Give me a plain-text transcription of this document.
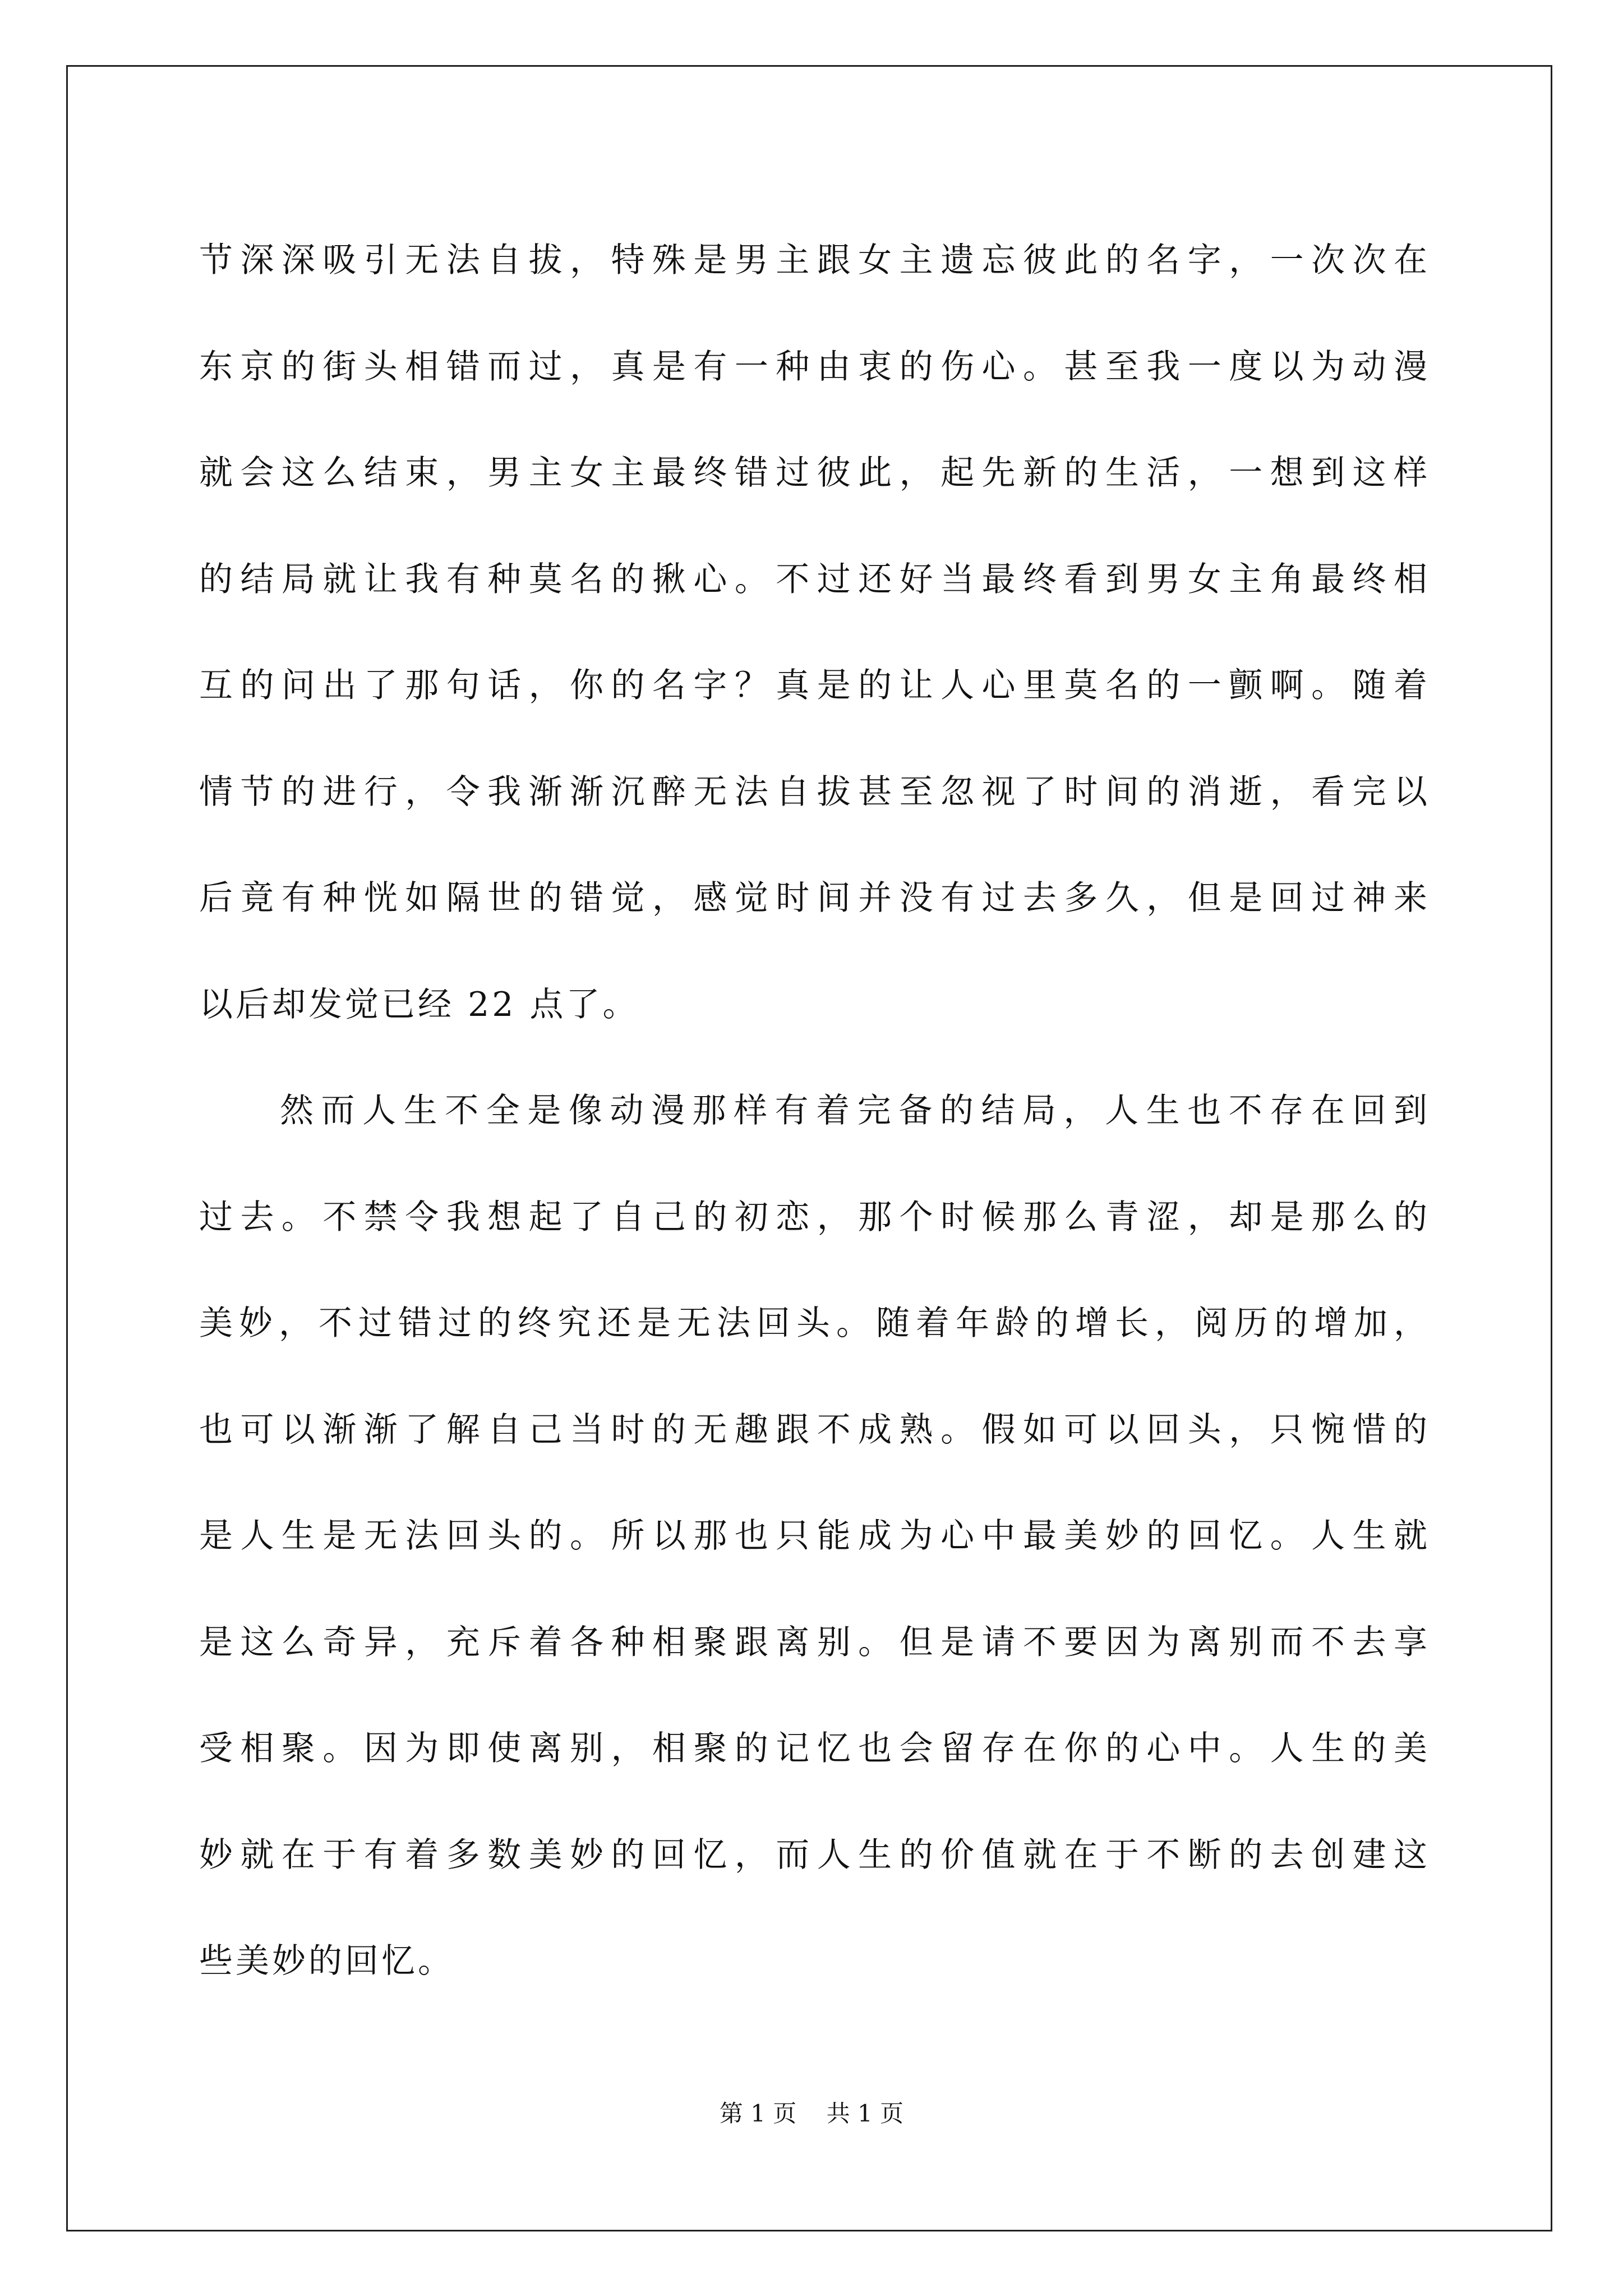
节深深吸引无法自拔，特殊是男主跟女主遗忘彼此的名字，一次次在
东京的街头相错而过，真是有一种由衷的伤心。甚至我一度以为动漫
就会这么结束，男主女主最终错过彼此，起先新的生活，一想到这样
的结局就让我有种莫名的揪心。不过还好当最终看到男女主角最终相
互的问出了那句话，你的名字？真是的让人心里莫名的一颤啊。随着
情节的进行，令我渐渐沉醉无法自拔甚至忽视了时间的消逝，看完以
后竟有种恍如隔世的错觉，感觉时间并没有过去多久，但是回过神来
以后却发觉已经 22 点了。
然而人生不全是像动漫那样有着完备的结局，人生也不存在回到
过去。不禁令我想起了自己的初恋，那个时候那么青涩，却是那么的
美妙，不过错过的终究还是无法回头。随着年龄的增长，阅历的增加，
也可以渐渐了解自己当时的无趣跟不成熟。假如可以回头，只惋惜的
是人生是无法回头的。所以那也只能成为心中最美妙的回忆。人生就
是这么奇异，充斥着各种相聚跟离别。但是请不要因为离别而不去享
受相聚。因为即使离别，相聚的记忆也会留存在你的心中。人生的美
妙就在于有着多数美妙的回忆，而人生的价值就在于不断的去创建这
些美妙的回忆。
第 1 页    共 1 页
